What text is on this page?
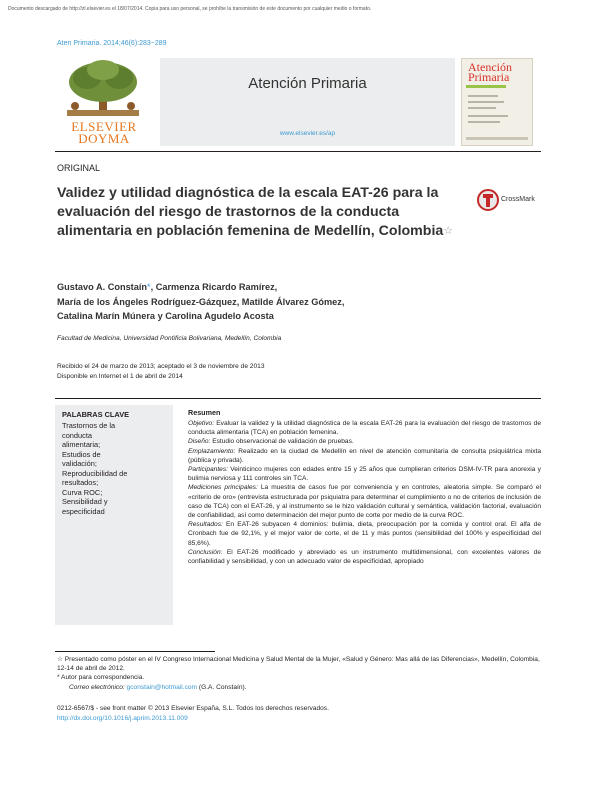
Documento descargado de http://zl.elsevier.es el 18/07/2014. Copia para uso personal, se prohíbe la transmisión de este documento por cualquier medio o formato.
Aten Primaria. 2014;46(6):283−289
ELSEVIER
DOYMA
Atención Primaria
www.elsevier.es/ap
Atención
Primaria
ORIGINAL
Validez y utilidad diagnóstica de la escala EAT-26 para la evaluación del riesgo de trastornos de la conducta alimentaria en población femenina de Medellín, Colombia☆
CrossMark
Gustavo A. Constaín*, Carmenza Ricardo Ramírez,
María de los Ángeles Rodríguez-Gázquez, Matilde Álvarez Gómez,
Catalina Marín Múnera y Carolina Agudelo Acosta
Facultad de Medicina, Universidad Pontificia Bolivariana, Medellín, Colombia
Recibido el 24 de marzo de 2013; aceptado el 3 de noviembre de 2013
Disponible en Internet el 1 de abril de 2014
PALABRAS CLAVE
Trastornos de la
conducta
alimentaria;
Estudios de
validación;
Reproducibilidad de
resultados;
Curva ROC;
Sensibilidad y
especificidad
Resumen

Objetivo: Evaluar la validez y la utilidad diagnóstica de la escala EAT-26 para la evaluación del riesgo de trastornos de conducta alimentaria (TCA) en población femenina.

Diseño: Estudio observacional de validación de pruebas.

Emplazamiento: Realizado en la ciudad de Medellín en nivel de atención comunitaria de consulta psiquiátrica mixta (pública y privada).

Participantes: Veinticinco mujeres con edades entre 15 y 25 años que cumplieran criterios DSM-IV-TR para anorexia y bulimia nerviosa y 111 controles sin TCA.

Mediciones principales: La muestra de casos fue por conveniencia y en controles, aleatoria simple. Se comparó el «criterio de oro» (entrevista estructurada por psiquiatra para determinar el cumplimiento o no de criterios de inclusión de caso de TCA) con el EAT-26, y al instrumento se le hizo validación cultural y semántica, validación factorial, evaluación de confiabilidad, así como determinación del mejor punto de corte por medio de la curva ROC.

Resultados: En EAT-26 subyacen 4 dominios: bulimia, dieta, preocupación por la comida y control oral. El alfa de Cronbach fue de 92,1%, y el mejor valor de corte, el de 11 y más puntos (sensibilidad del 100% y especificidad del 85,6%).

Conclusión: El EAT-26 modificado y abreviado es un instrumento multidimensional, con excelentes valores de confiabilidad y sensibilidad, y con un adecuado valor de especificidad, apropiado

☆ Presentado como póster en el IV Congreso Internacional Medicina y Salud Mental de la Mujer, «Salud y Género: Mas allá de las Diferencias», Medellín, Colombia, 12-14 de abril de 2012.
* Autor para correspondencia.
Correo electrónico: gconstain@hotmail.com (G.A. Constaín).
0212-6567/$ - see front matter © 2013 Elsevier España, S.L. Todos los derechos reservados.
http://dx.doi.org/10.1016/j.aprim.2013.11.009
